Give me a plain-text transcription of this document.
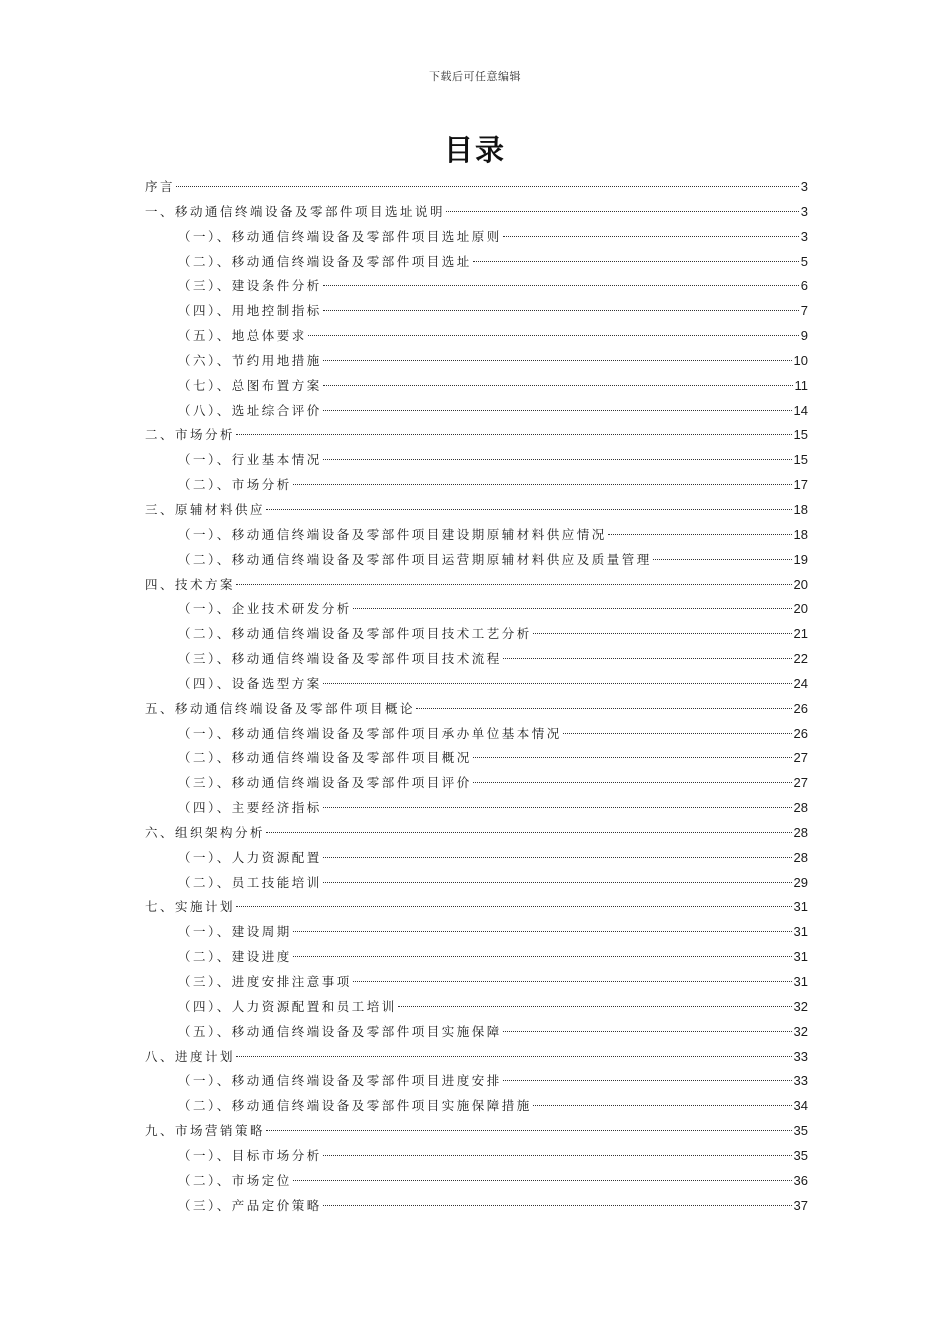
下载后可任意编辑
目录
序言	3
一、移动通信终端设备及零部件项目选址说明	3
（一）、移动通信终端设备及零部件项目选址原则	3
（二）、移动通信终端设备及零部件项目选址	5
（三）、建设条件分析	6
（四）、用地控制指标	7
（五）、地总体要求	9
（六）、节约用地措施	10
（七）、总图布置方案	11
（八）、选址综合评价	14
二、市场分析	15
（一）、行业基本情况	15
（二）、市场分析	17
三、原辅材料供应	18
（一）、移动通信终端设备及零部件项目建设期原辅材料供应情况	18
（二）、移动通信终端设备及零部件项目运营期原辅材料供应及质量管理	19
四、技术方案	20
（一）、企业技术研发分析	20
（二）、移动通信终端设备及零部件项目技术工艺分析	21
（三）、移动通信终端设备及零部件项目技术流程	22
（四）、设备选型方案	24
五、移动通信终端设备及零部件项目概论	26
（一）、移动通信终端设备及零部件项目承办单位基本情况	26
（二）、移动通信终端设备及零部件项目概况	27
（三）、移动通信终端设备及零部件项目评价	27
（四）、主要经济指标	28
六、组织架构分析	28
（一）、人力资源配置	28
（二）、员工技能培训	29
七、实施计划	31
（一）、建设周期	31
（二）、建设进度	31
（三）、进度安排注意事项	31
（四）、人力资源配置和员工培训	32
（五）、移动通信终端设备及零部件项目实施保障	32
八、进度计划	33
（一）、移动通信终端设备及零部件项目进度安排	33
（二）、移动通信终端设备及零部件项目实施保障措施	34
九、市场营销策略	35
（一）、目标市场分析	35
（二）、市场定位	36
（三）、产品定价策略	37
